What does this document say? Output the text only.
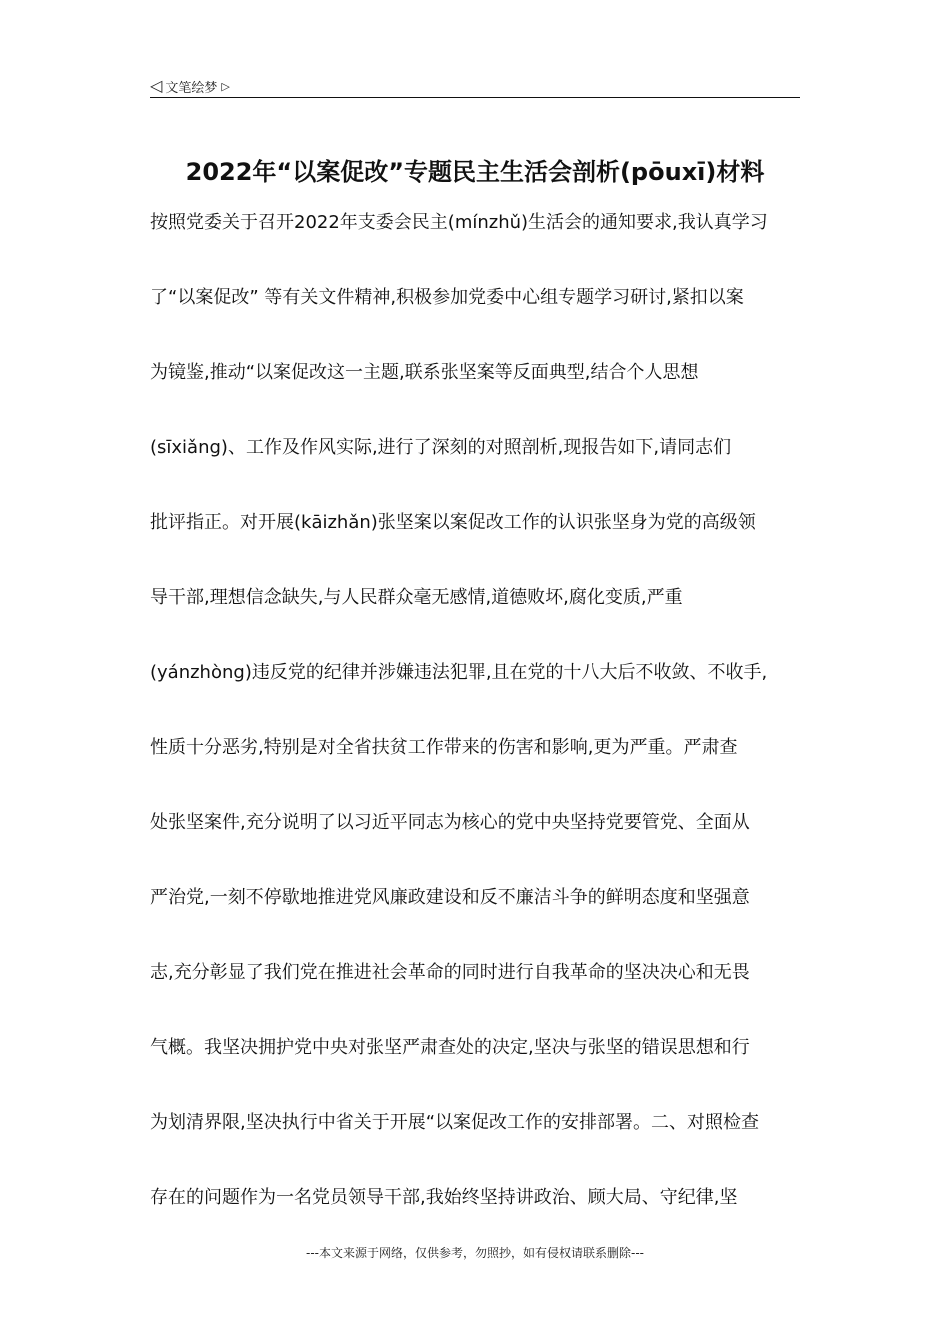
◁ 文笔绘梦 ▷
2022年“以案促改”专题民主生活会剖析(pōuxī)材料
按照党委关于召开2022年支委会民主(mínzhǔ)生活会的通知要求,我认真学习
了“以案促改” 等有关文件精神,积极参加党委中心组专题学习研讨,紧扣以案
为镜鉴,推动“以案促改这一主题,联系张坚案等反面典型,结合个人思想
(sīxiǎng)、工作及作风实际,进行了深刻的对照剖析,现报告如下,请同志们
批评指正。对开展(kāizhǎn)张坚案以案促改工作的认识张坚身为党的高级领
导干部,理想信念缺失,与人民群众毫无感情,道德败坏,腐化变质,严重
(yánzhòng)违反党的纪律并涉嫌违法犯罪,且在党的十八大后不收敛、不收手,
性质十分恶劣,特别是对全省扶贫工作带来的伤害和影响,更为严重。严肃查
处张坚案件,充分说明了以习近平同志为核心的党中央坚持党要管党、全面从
严治党,一刻不停歇地推进党风廉政建设和反不廉洁斗争的鲜明态度和坚强意
志,充分彰显了我们党在推进社会革命的同时进行自我革命的坚决决心和无畏
气概。我坚决拥护党中央对张坚严肃查处的决定,坚决与张坚的错误思想和行
为划清界限,坚决执行中省关于开展“以案促改工作的安排部署。二、对照检查
存在的问题作为一名党员领导干部,我始终坚持讲政治、顾大局、守纪律,坚
---本文来源于网络，仅供参考，勿照抄，如有侵权请联系删除---
